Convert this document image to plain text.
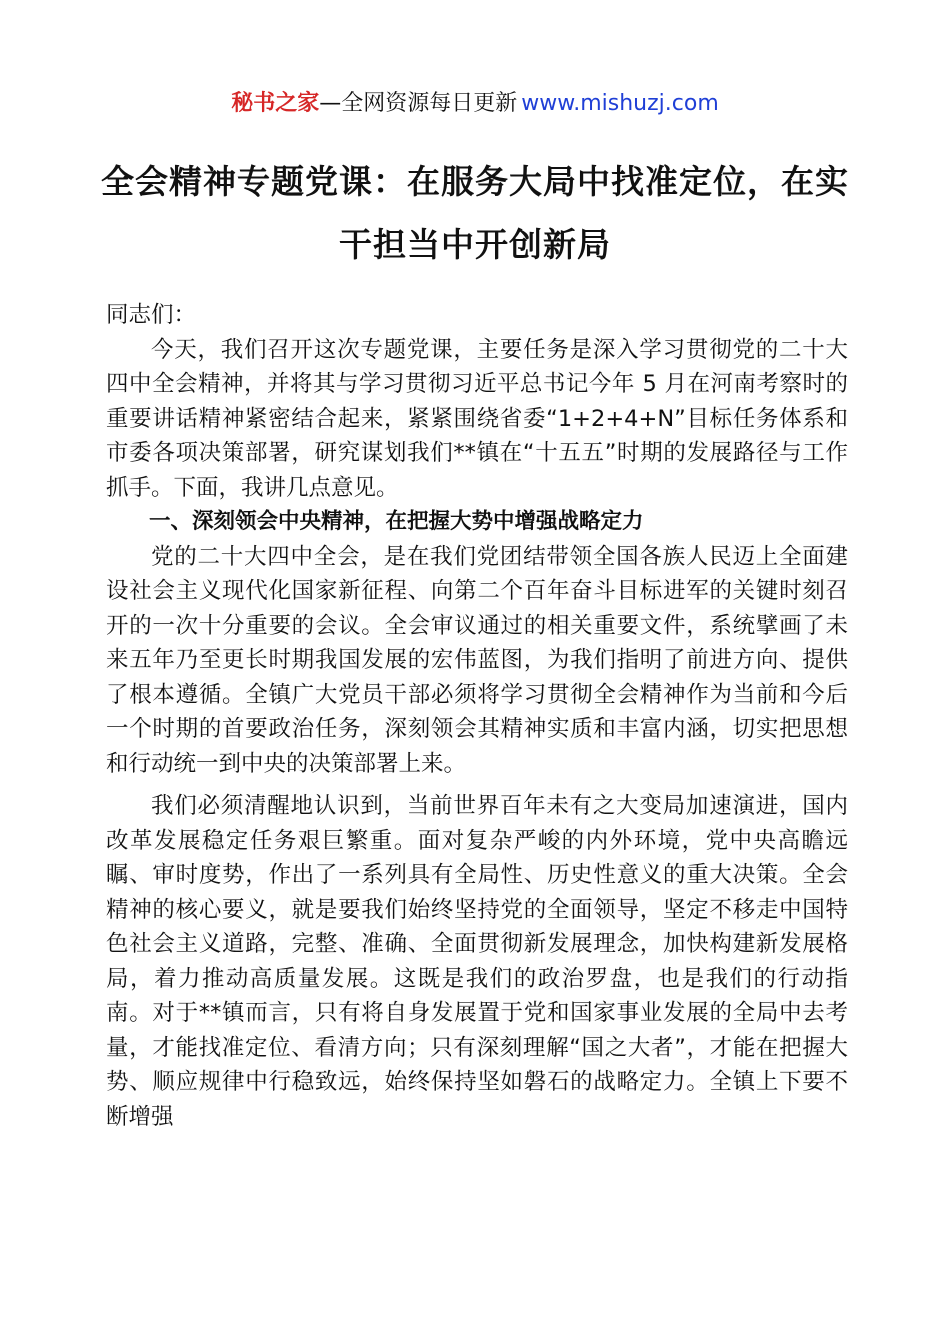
秘书之家—全网资源每日更新 www.mishuzj.com
全会精神专题党课：在服务大局中找准定位，在实干担当中开创新局

同志们：

今天，我们召开这次专题党课，主要任务是深入学习贯彻党的二十大四中全会精神，并将其与学习贯彻习近平总书记今年 5 月在河南考察时的重要讲话精神紧密结合起来，紧紧围绕省委“1+2+4+N”目标任务体系和市委各项决策部署，研究谋划我们**镇在“十五五”时期的发展路径与工作抓手。下面，我讲几点意见。

一、深刻领会中央精神，在把握大势中增强战略定力

党的二十大四中全会，是在我们党团结带领全国各族人民迈上全面建设社会主义现代化国家新征程、向第二个百年奋斗目标进军的关键时刻召开的一次十分重要的会议。全会审议通过的相关重要文件，系统擘画了未来五年乃至更长时期我国发展的宏伟蓝图，为我们指明了前进方向、提供了根本遵循。全镇广大党员干部必须将学习贯彻全会精神作为当前和今后一个时期的首要政治任务，深刻领会其精神实质和丰富内涵，切实把思想和行动统一到中央的决策部署上来。

我们必须清醒地认识到，当前世界百年未有之大变局加速演进，国内改革发展稳定任务艰巨繁重。面对复杂严峻的内外环境，党中央高瞻远瞩、审时度势，作出了一系列具有全局性、历史性意义的重大决策。全会精神的核心要义，就是要我们始终坚持党的全面领导，坚定不移走中国特色社会主义道路，完整、准确、全面贯彻新发展理念，加快构建新发展格局，着力推动高质量发展。这既是我们的政治罗盘，也是我们的行动指南。对于**镇而言，只有将自身发展置于党和国家事业发展的全局中去考量，才能找准定位、看清方向；只有深刻理解“国之大者”，才能在把握大势、顺应规律中行稳致远，始终保持坚如磐石的战略定力。全镇上下要不断增强
